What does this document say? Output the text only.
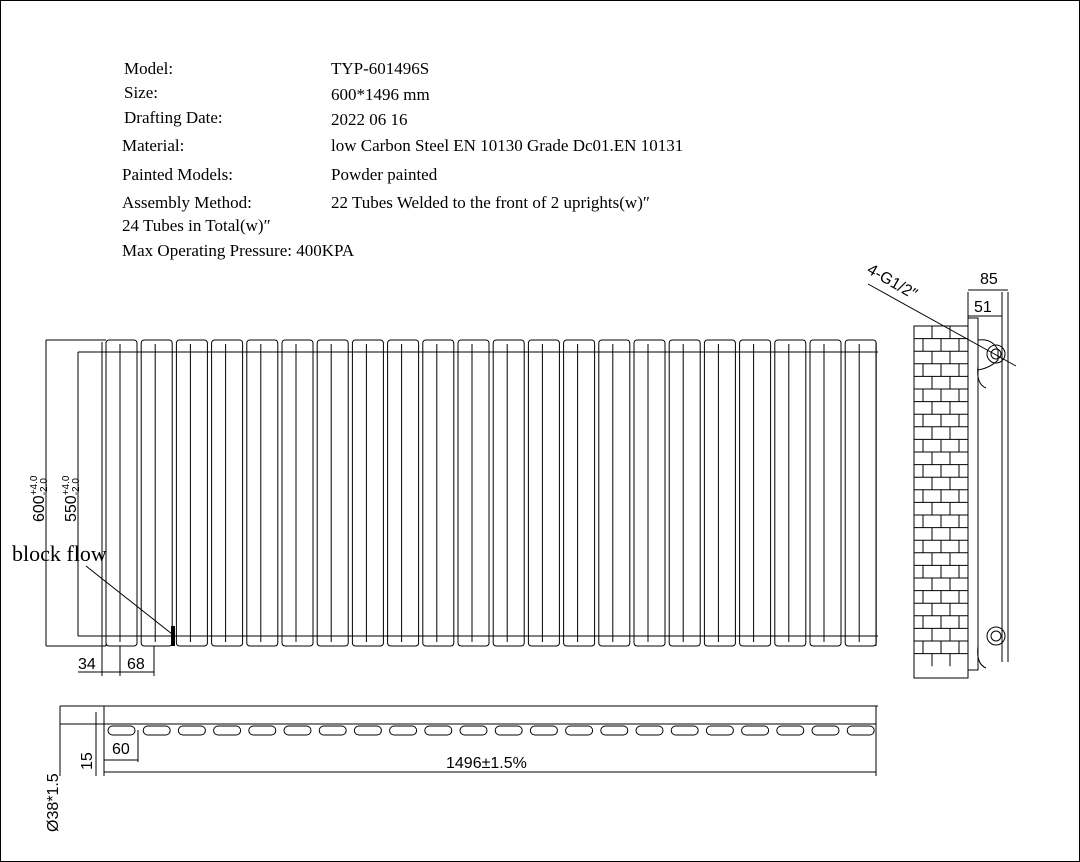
Model:	TYP-601496S
Size:	600*1496 mm
Drafting Date:	2022 06 16
Material:	low Carbon Steel EN 10130 Grade Dc01.EN 10131
Painted Models:	Powder painted
Assembly Method:	22 Tubes Welded to the front of 2 uprights(w)″
24 Tubes in Total(w)″
Max Operating Pressure: 400KPA
600+4.0
-2.0
550+4.0
-2.0
block flow
34 68
4-G1/2″	85
51
Ø38*1.5
15
60
1496±1.5%
